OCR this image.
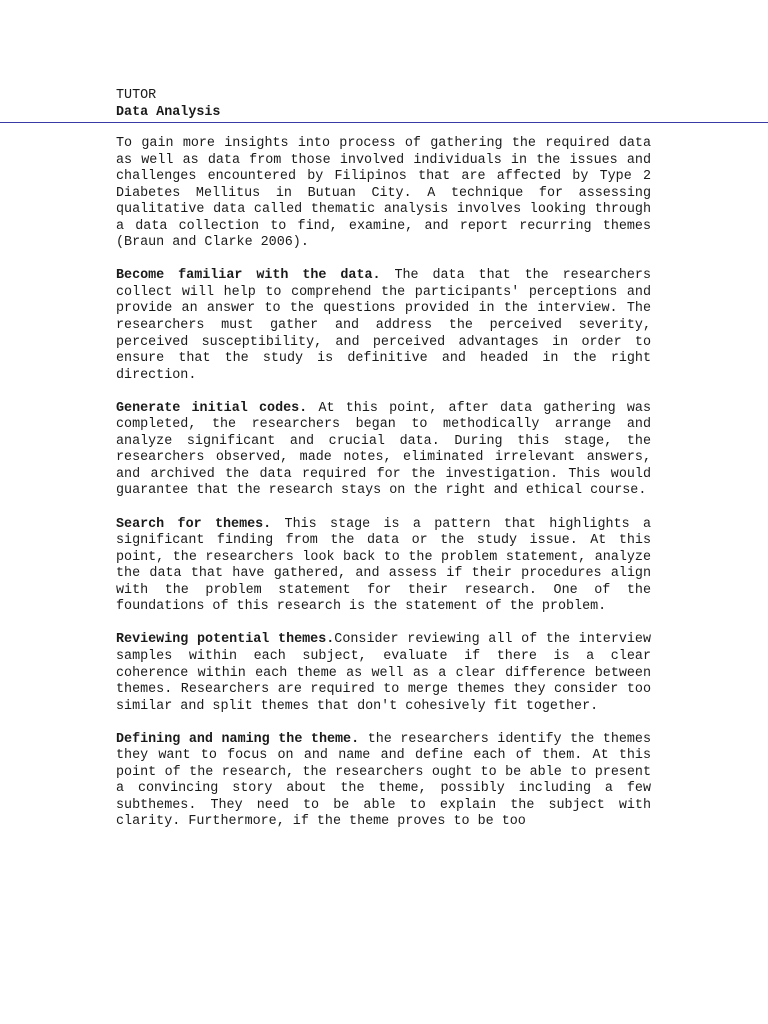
TUTOR
Data Analysis

To gain more insights into process of gathering the required data as well as data from those involved individuals in the issues and challenges encountered by Filipinos that are affected by Type 2 Diabetes Mellitus in Butuan City. A technique for assessing qualitative data called thematic analysis involves looking through a data collection to find, examine, and report recurring themes (Braun and Clarke 2006).

Become familiar with the data. The data that the researchers collect will help to comprehend the participants' perceptions and provide an answer to the questions provided in the interview. The researchers must gather and address the perceived severity, perceived susceptibility, and perceived advantages in order to ensure that the study is definitive and headed in the right direction.

Generate initial codes. At this point, after data gathering was completed, the researchers began to methodically arrange and analyze significant and crucial data. During this stage, the researchers observed, made notes, eliminated irrelevant answers, and archived the data required for the investigation. This would guarantee that the research stays on the right and ethical course.

Search for themes. This stage is a pattern that highlights a significant finding from the data or the study issue. At this point, the researchers look back to the problem statement, analyze the data that have gathered, and assess if their procedures align with the problem statement for their research. One of the foundations of this research is the statement of the problem.

Reviewing potential themes.Consider reviewing all of the interview samples within each subject, evaluate if there is a clear coherence within each theme as well as a clear difference between themes. Researchers are required to merge themes they consider too similar and split themes that don't cohesively fit together.

Defining and naming the theme. the researchers identify the themes they want to focus on and name and define each of them. At this point of the research, the researchers ought to be able to present a convincing story about the theme, possibly including a few subthemes. They need to be able to explain the subject with clarity. Furthermore, if the theme proves to be too
